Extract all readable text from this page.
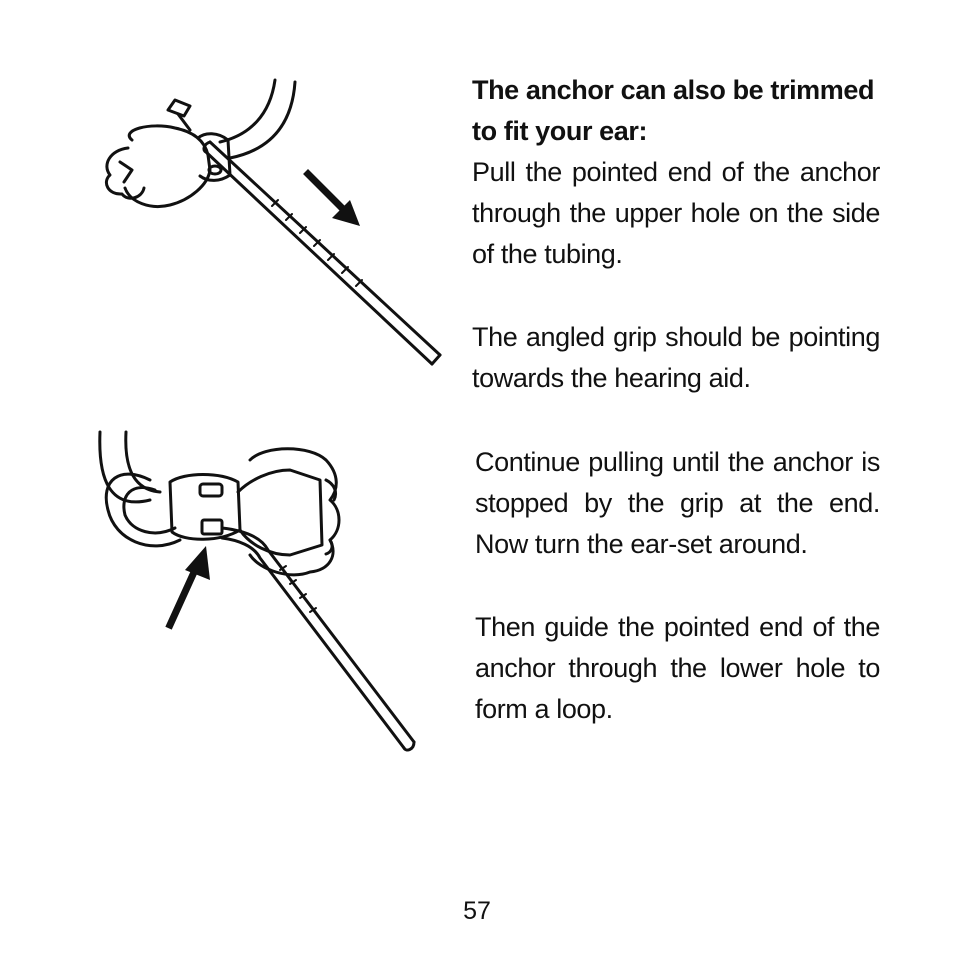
The anchor can also be trimmed to fit your ear:

Pull the pointed end of the anchor through the upper hole on the side of the tubing.

The angled grip should be pointing towards the hearing aid.

Continue pulling until the anchor is stopped by the grip at the end. Now turn the ear-set around.

Then guide the pointed end of the anchor through the lower hole to form a loop.

57
